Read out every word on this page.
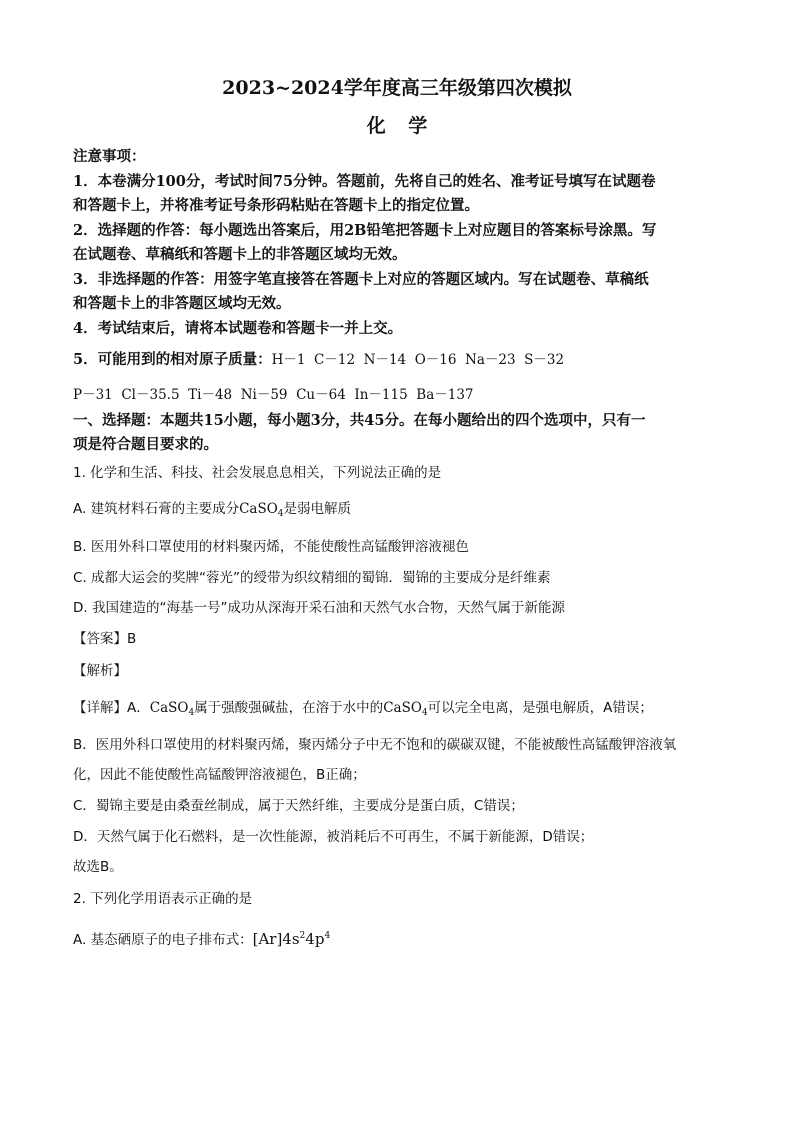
2023~2024学年度高三年级第四次模拟
化 学
注意事项：
1．本卷满分100分，考试时间75分钟。答题前，先将自己的姓名、准考证号填写在试题卷
和答题卡上，并将准考证号条形码粘贴在答题卡上的指定位置。
2．选择题的作答：每小题选出答案后，用2B铅笔把答题卡上对应题目的答案标号涂黑。写
在试题卷、草稿纸和答题卡上的非答题区域均无效。
3．非选择题的作答：用签字笔直接答在答题卡上对应的答题区域内。写在试题卷、草稿纸
和答题卡上的非答题区域均无效。
4．考试结束后，请将本试题卷和答题卡一并上交。
5．可能用到的相对原子质量：H－1  C－12  N－14  O－16  Na－23  S－32
P－31  Cl－35.5  Ti－48  Ni－59  Cu－64  In－115  Ba－137
一、选择题：本题共15小题，每小题3分，共45分。在每小题给出的四个选项中，只有一
项是符合题目要求的。
1. 化学和生活、科技、社会发展息息相关，下列说法正确的是
A. 建筑材料石膏的主要成分CaSO$_4$是弱电解质
B. 医用外科口罩使用的材料聚丙烯，不能使酸性高锰酸钾溶液褪色
C. 成都大运会的奖牌“蓉光”的绶带为织纹精细的蜀锦．蜀锦的主要成分是纤维素
D. 我国建造的“海基一号”成功从深海开采石油和天然气水合物，天然气属于新能源
【答案】B
【解析】
【详解】A．CaSO$_4$属于强酸强碱盐，在溶于水中的CaSO$_4$可以完全电离，是强电解质，A错误；
B．医用外科口罩使用的材料聚丙烯，聚丙烯分子中无不饱和的碳碳双键，不能被酸性高锰酸钾溶液氧
化，因此不能使酸性高锰酸钾溶液褪色，B正确；
C．蜀锦主要是由桑蚕丝制成，属于天然纤维，主要成分是蛋白质，C错误；
D．天然气属于化石燃料，是一次性能源，被消耗后不可再生，不属于新能源，D错误；
故选B。
2. 下列化学用语表示正确的是
A. 基态硒原子的电子排布式：$[Ar]4s^24p^4$
